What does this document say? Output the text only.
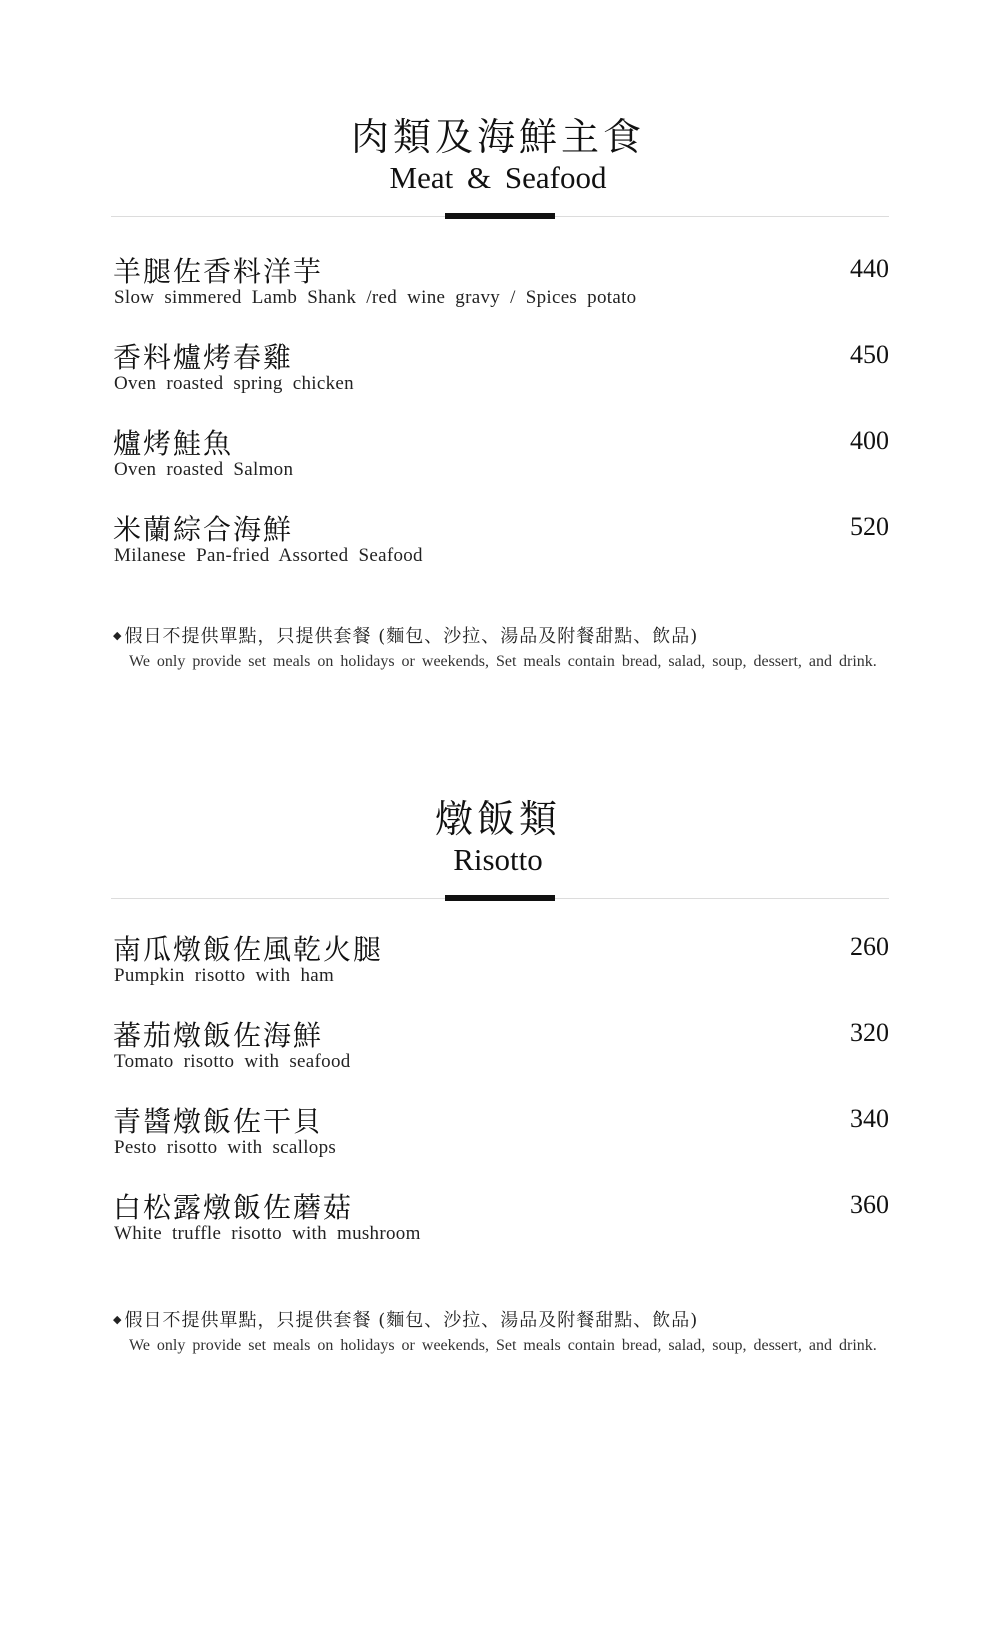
肉類及海鮮主食
Meat & Seafood
羊腿佐香料洋芋
Slow simmered Lamb Shank /red wine gravy / Spices potato
440
香料爐烤春雞
Oven roasted spring chicken
450
爐烤鮭魚
Oven roasted Salmon
400
米蘭綜合海鮮
Milanese Pan-fried Assorted Seafood
520
◆ 假日不提供單點，只提供套餐 (麵包、沙拉、湯品及附餐甜點、飲品)
We only provide set meals on holidays or weekends, Set meals contain bread, salad, soup, dessert, and drink.
燉飯類
Risotto
南瓜燉飯佐風乾火腿
Pumpkin risotto with ham
260
蕃茄燉飯佐海鮮
Tomato risotto with seafood
320
青醬燉飯佐干貝
Pesto risotto with scallops
340
白松露燉飯佐蘑菇
White truffle risotto with mushroom
360
◆ 假日不提供單點，只提供套餐 (麵包、沙拉、湯品及附餐甜點、飲品)
We only provide set meals on holidays or weekends, Set meals contain bread, salad, soup, dessert, and drink.
